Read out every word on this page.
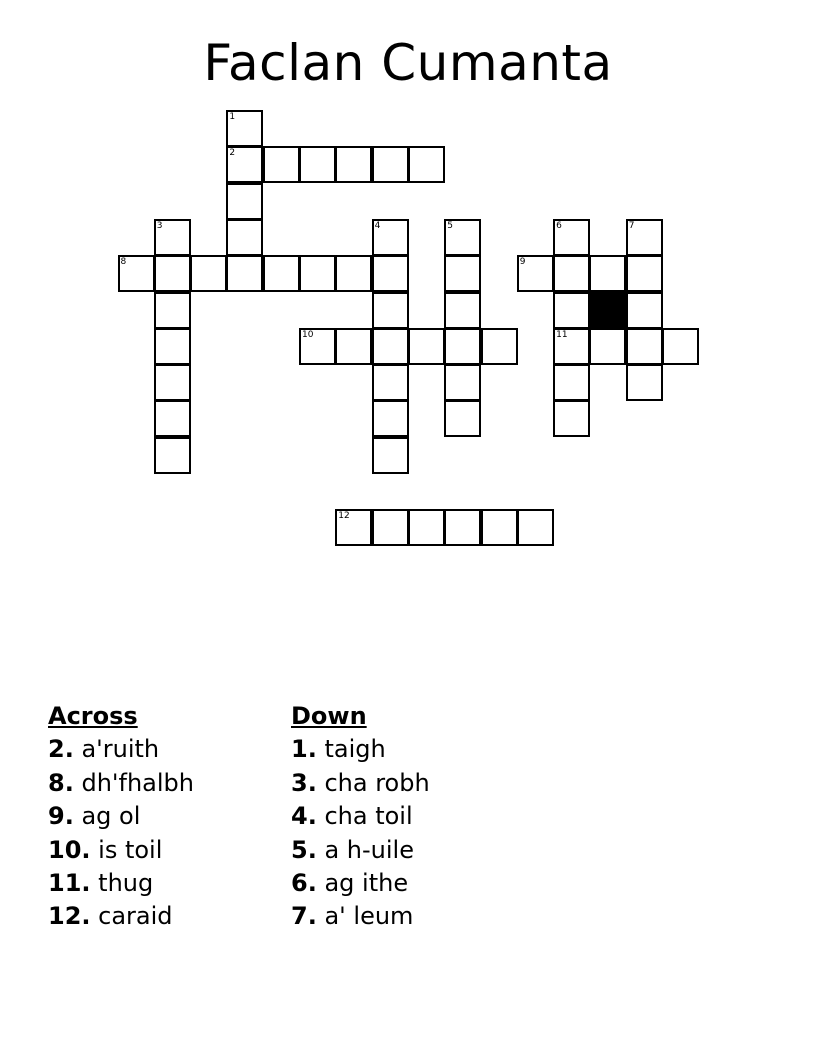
Faclan Cumanta
1
2
3	4	5	6	7
8	9
10	11
12
Across
2. a'ruith
8. dh'fhalbh
9. ag ol
10. is toil
11. thug
12. caraid
Down
1. taigh
3. cha robh
4. cha toil
5. a h-uile
6. ag ithe
7. a' leum
